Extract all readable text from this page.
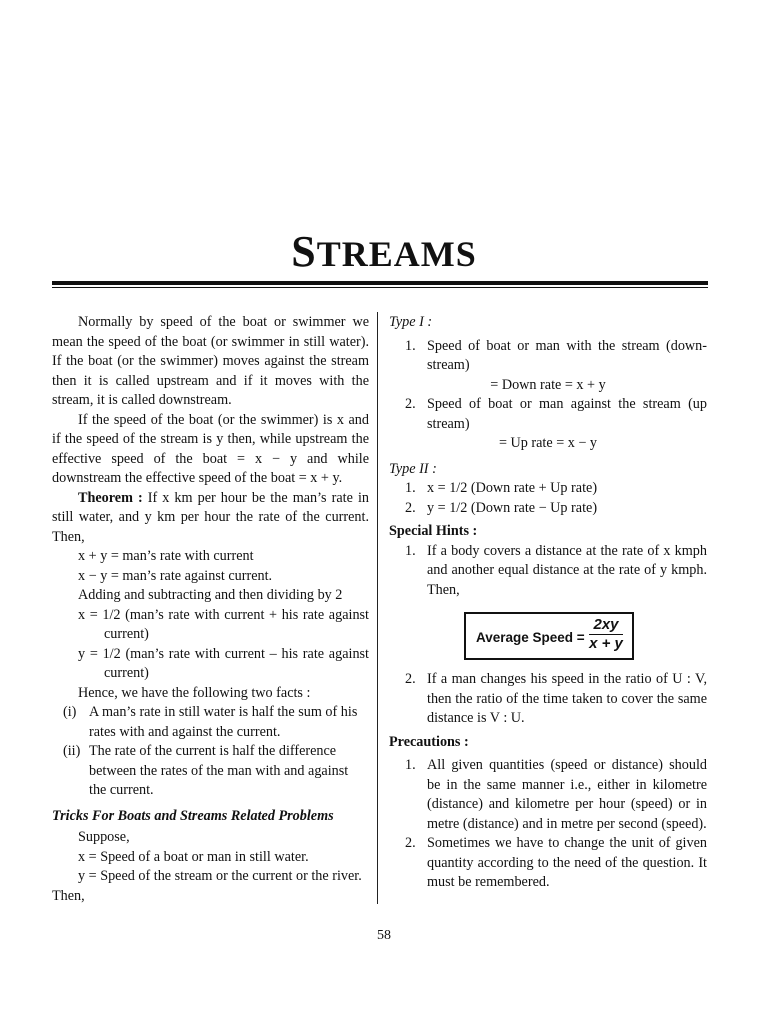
STREAMS

Normally by speed of the boat or swimmer we mean the speed of the boat (or swimmer in still water). If the boat (or the swimmer) moves against the stream then it is called upstream and if it moves with the stream, it is called downstream.

If the speed of the boat (or the swimmer) is x and if the speed of the stream is y then, while upstream the effective speed of the boat = x − y and while downstream the effective speed of the boat = x + y.

Theorem : If x km per hour be the man’s rate in still water, and y km per hour the rate of the current. Then,

x + y = man’s rate with current

x − y = man’s rate against current.

Adding and subtracting and then dividing by 2

x = 1/2 (man’s rate with current + his rate against current)

y = 1/2 (man’s rate with current – his rate against current)

Hence, we have the following two facts :

(i) A man’s rate in still water is half the sum of his rates with and against the current.
(ii) The rate of the current is half the difference between the rates of the man with and against the current.

Tricks For Boats and Streams Related Problems

Suppose,

x = Speed of a boat or man in still water.

y = Speed of the stream or the current or the river.

Then,

Type I :

1. Speed of boat or man with the stream (down-stream)

= Down rate = x + y

2. Speed of boat or man against the stream (up stream)

= Up rate = x − y

Type II :

1. x = 1/2 (Down rate + Up rate)
2. y = 1/2 (Down rate − Up rate)

Special Hints :

1. If a body covers a distance at the rate of x kmph and another equal distance at the rate of y kmph. Then,
Average Speed = $\frac{2xy}{x + y}$
2. If a man changes his speed in the ratio of U : V, then the ratio of the time taken to cover the same distance is V : U.

Precautions :

1. All given quantities (speed or distance) should be in the same manner i.e., either in kilometre (distance) and kilometre per hour (speed) or in metre (distance) and in metre per second (speed).
2. Sometimes we have to change the unit of given quantity according to the need of the question. It must be remembered.
58
